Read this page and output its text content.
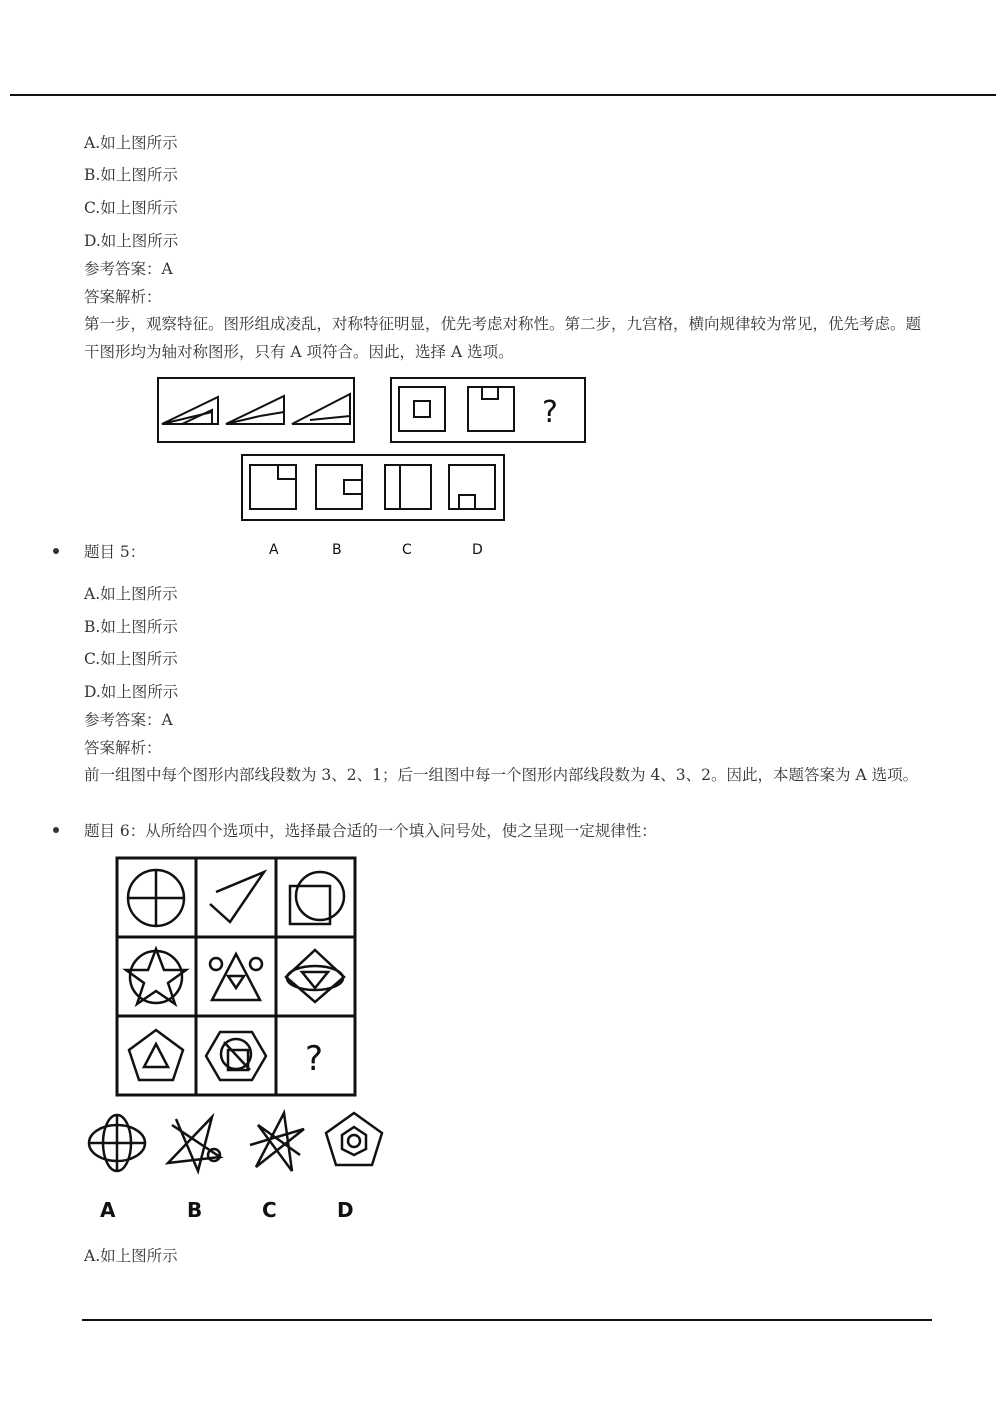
A.如上图所示
B.如上图所示
C.如上图所示
D.如上图所示
参考答案：A
答案解析：
第一步，观察特征。图形组成凌乱，对称特征明显，优先考虑对称性。第二步，九宫格，横向规律较为常见，优先考虑。题干图形均为轴对称图形，只有 A 项符合。因此，选择 A 选项。
?
A	B	C	D
题目 5：
A.如上图所示
B.如上图所示
C.如上图所示
D.如上图所示
参考答案：A
答案解析：
前一组图中每个图形内部线段数为 3、2、1；后一组图中每一个图形内部线段数为 4、3、2。因此，本题答案为 A 选项。
题目 6：从所给四个选项中，选择最合适的一个填入问号处，使之呈现一定规律性：
?
A	B	C	D
A.如上图所示
